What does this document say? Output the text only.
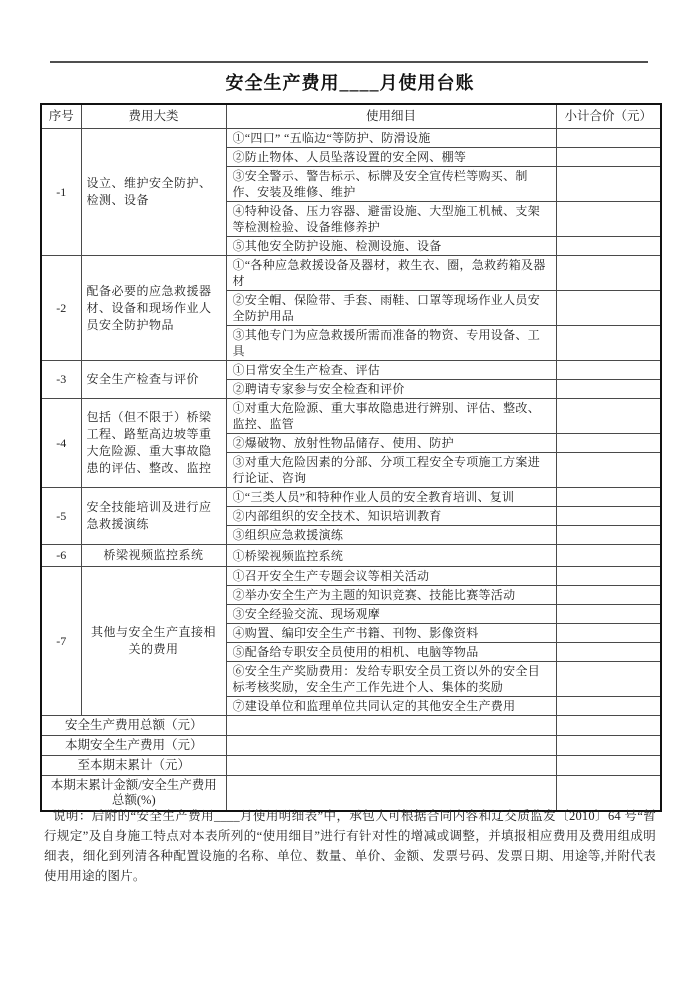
安全生产费用____月使用台账
序号	费用大类	使用细目	小计合价（元）
-1	设立、维护安全防护、检测、设备	①“四口” “五临边“等防护、防滑设施	
		②防止物体、人员坠落设置的安全网、棚等	
		③安全警示、警告标示、标牌及安全宣传栏等购买、制作、安装及维修、维护	
		④特种设备、压力容器、避雷设施、大型施工机械、支架等检测检验、设备维修养护	
		⑤其他安全防护设施、检测设施、设备	
-2	配备必要的应急救援器材、设备和现场作业人员安全防护物品	①“各种应急救援设备及器材，救生衣、圈，急救药箱及器材	
		②安全帽、保险带、手套、雨鞋、口罩等现场作业人员安全防护用品	
		③其他专门为应急救援所需而准备的物资、专用设备、工具	
-3	安全生产检查与评价	①日常安全生产检查、评估	
		②聘请专家参与安全检查和评价	
-4	包括（但不限于）桥梁工程、路堑高边坡等重大危险源、重大事故隐患的评估、整改、监控	①对重大危险源、重大事故隐患进行辨别、评估、整改、监控、监管	
		②爆破物、放射性物品储存、使用、防护	
		③对重大危险因素的分部、分项工程安全专项施工方案进行论证、咨询	
-5	安全技能培训及进行应急救援演练	①“三类人员”和特种作业人员的安全教育培训、复训	
		②内部组织的安全技术、知识培训教育	
		③组织应急救援演练	
-6	桥梁视频监控系统	①桥梁视频监控系统	
-7	其他与安全生产直接相关的费用	①召开安全生产专题会议等相关活动	
		②举办安全生产为主题的知识竞赛、技能比赛等活动	
		③安全经验交流、现场观摩	
		④购置、编印安全生产书籍、刊物、影像资料	
		⑤配备给专职安全员使用的相机、电脑等物品	
		⑥安全生产奖励费用：发给专职安全员工资以外的安全目标考核奖励，安全生产工作先进个人、集体的奖励	
		⑦建设单位和监理单位共同认定的其他安全生产费用	
安全生产费用总额（元）			
本期安全生产费用（元）			
至本期末累计（元）			
本期末累计金额/安全生产费用总额(%)			
说明：后附的“安全生产费用____月使用明细表”中，承包人可根据合同内容和辽交质监发〔2010〕64 号“暂行规定”及自身施工特点对本表所列的“使用细目”进行有针对性的增减或调整，并填报相应费用及费用组成明细表，细化到列清各种配置设施的名称、单位、数量、单价、金额、发票号码、发票日期、用途等,并附代表使用用途的图片。
